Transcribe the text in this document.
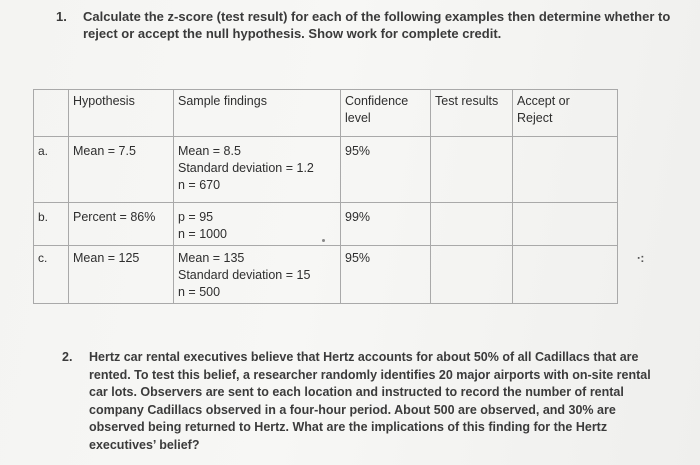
1. Calculate the z-score (test result) for each of the following examples then determine whether to
reject or accept the null hypothesis. Show work for complete credit.
	Hypothesis	Sample findings	Confidence
level	Test results	Accept or
Reject

a.	Mean = 7.5	Mean = 8.5
Standard deviation = 1.2
n = 670	95%		
b.	Percent = 86%	p = 95
n = 1000	99%		
c.	Mean = 125	Mean = 135
Standard deviation = 15
n = 500	95%			∙:
2. Hertz car rental executives believe that Hertz accounts for about 50% of all Cadillacs that are
rented. To test this belief, a researcher randomly identifies 20 major airports with on-site rental
car lots. Observers are sent to each location and instructed to record the number of rental
company Cadillacs observed in a four-hour period. About 500 are observed, and 30% are
observed being returned to Hertz. What are the implications of this finding for the Hertz
executives’ belief?
